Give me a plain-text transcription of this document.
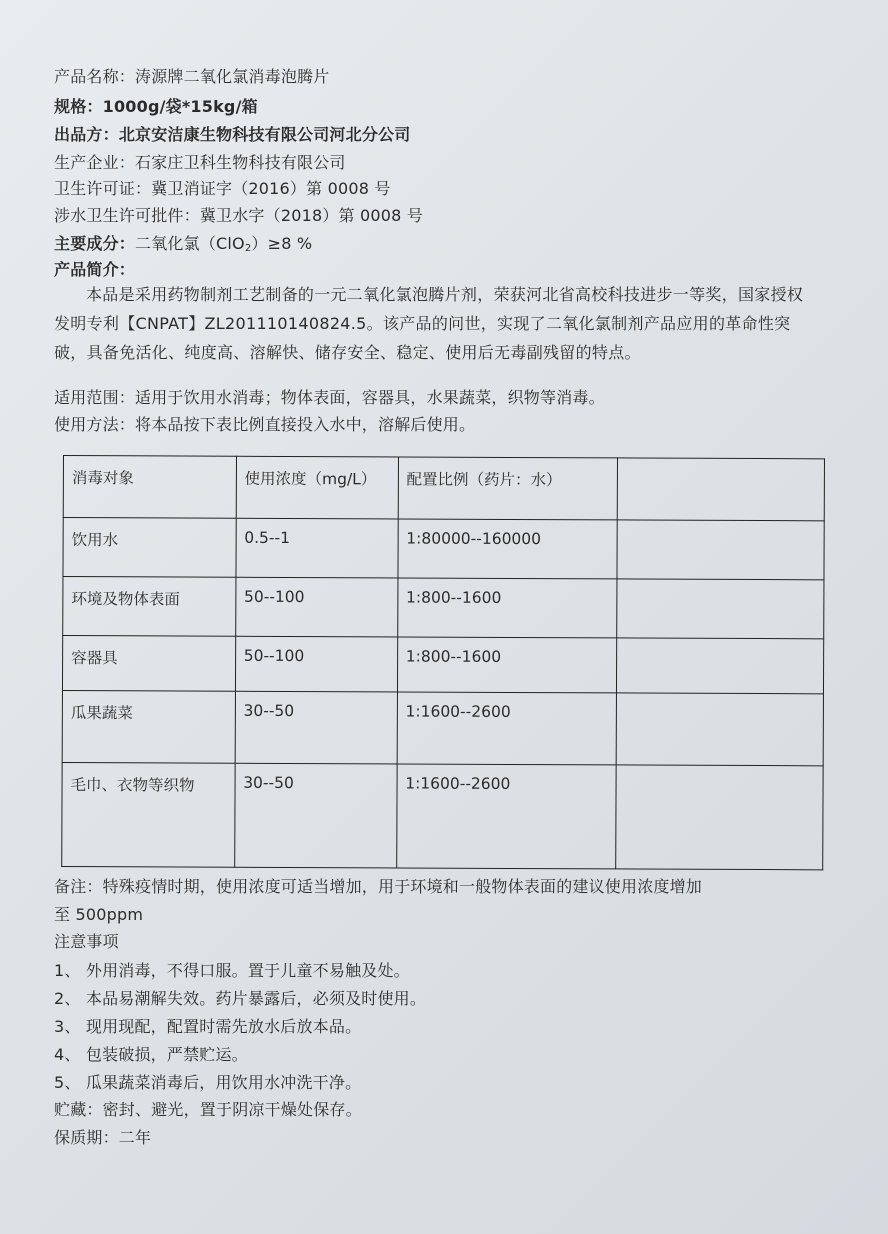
产品名称：涛源牌二氧化氯消毒泡腾片
规格：1000g/袋*15kg/箱
出品方：北京安洁康生物科技有限公司河北分公司
生产企业：石家庄卫科生物科技有限公司
卫生许可证：冀卫消证字（2016）第 0008 号
涉水卫生许可批件：冀卫水字（2018）第 0008 号
主要成分：二氧化氯（ClO$_2$）≥8 %
产品简介：
本品是采用药物制剂工艺制备的一元二氧化氯泡腾片剂，荣获河北省高校科技进步一等奖，国家授权发明专利【CNPAT】ZL201110140824.5。该产品的问世，实现了二氧化氯制剂产品应用的革命性突破，具备免活化、纯度高、溶解快、储存安全、稳定、使用后无毒副残留的特点。
适用范围：适用于饮用水消毒；物体表面，容器具，水果蔬菜，织物等消毒。
使用方法：将本品按下表比例直接投入水中，溶解后使用。
消毒对象	使用浓度（mg/L）	配置比例（药片：水）	
饮用水	0.5--1	1:80000--160000	
环境及物体表面	50--100	1:800--1600	
容器具	50--100	1:800--1600	
瓜果蔬菜	30--50	1:1600--2600	
毛巾、衣物等织物	30--50	1:1600--2600	
备注：特殊疫情时期，使用浓度可适当增加，用于环境和一般物体表面的建议使用浓度增加
至 500ppm
注意事项
1、 外用消毒，不得口服。置于儿童不易触及处。
2、 本品易潮解失效。药片暴露后，必须及时使用。
3、 现用现配，配置时需先放水后放本品。
4、 包装破损，严禁贮运。
5、 瓜果蔬菜消毒后，用饮用水冲洗干净。
贮藏：密封、避光，置于阴凉干燥处保存。
保质期：二年
